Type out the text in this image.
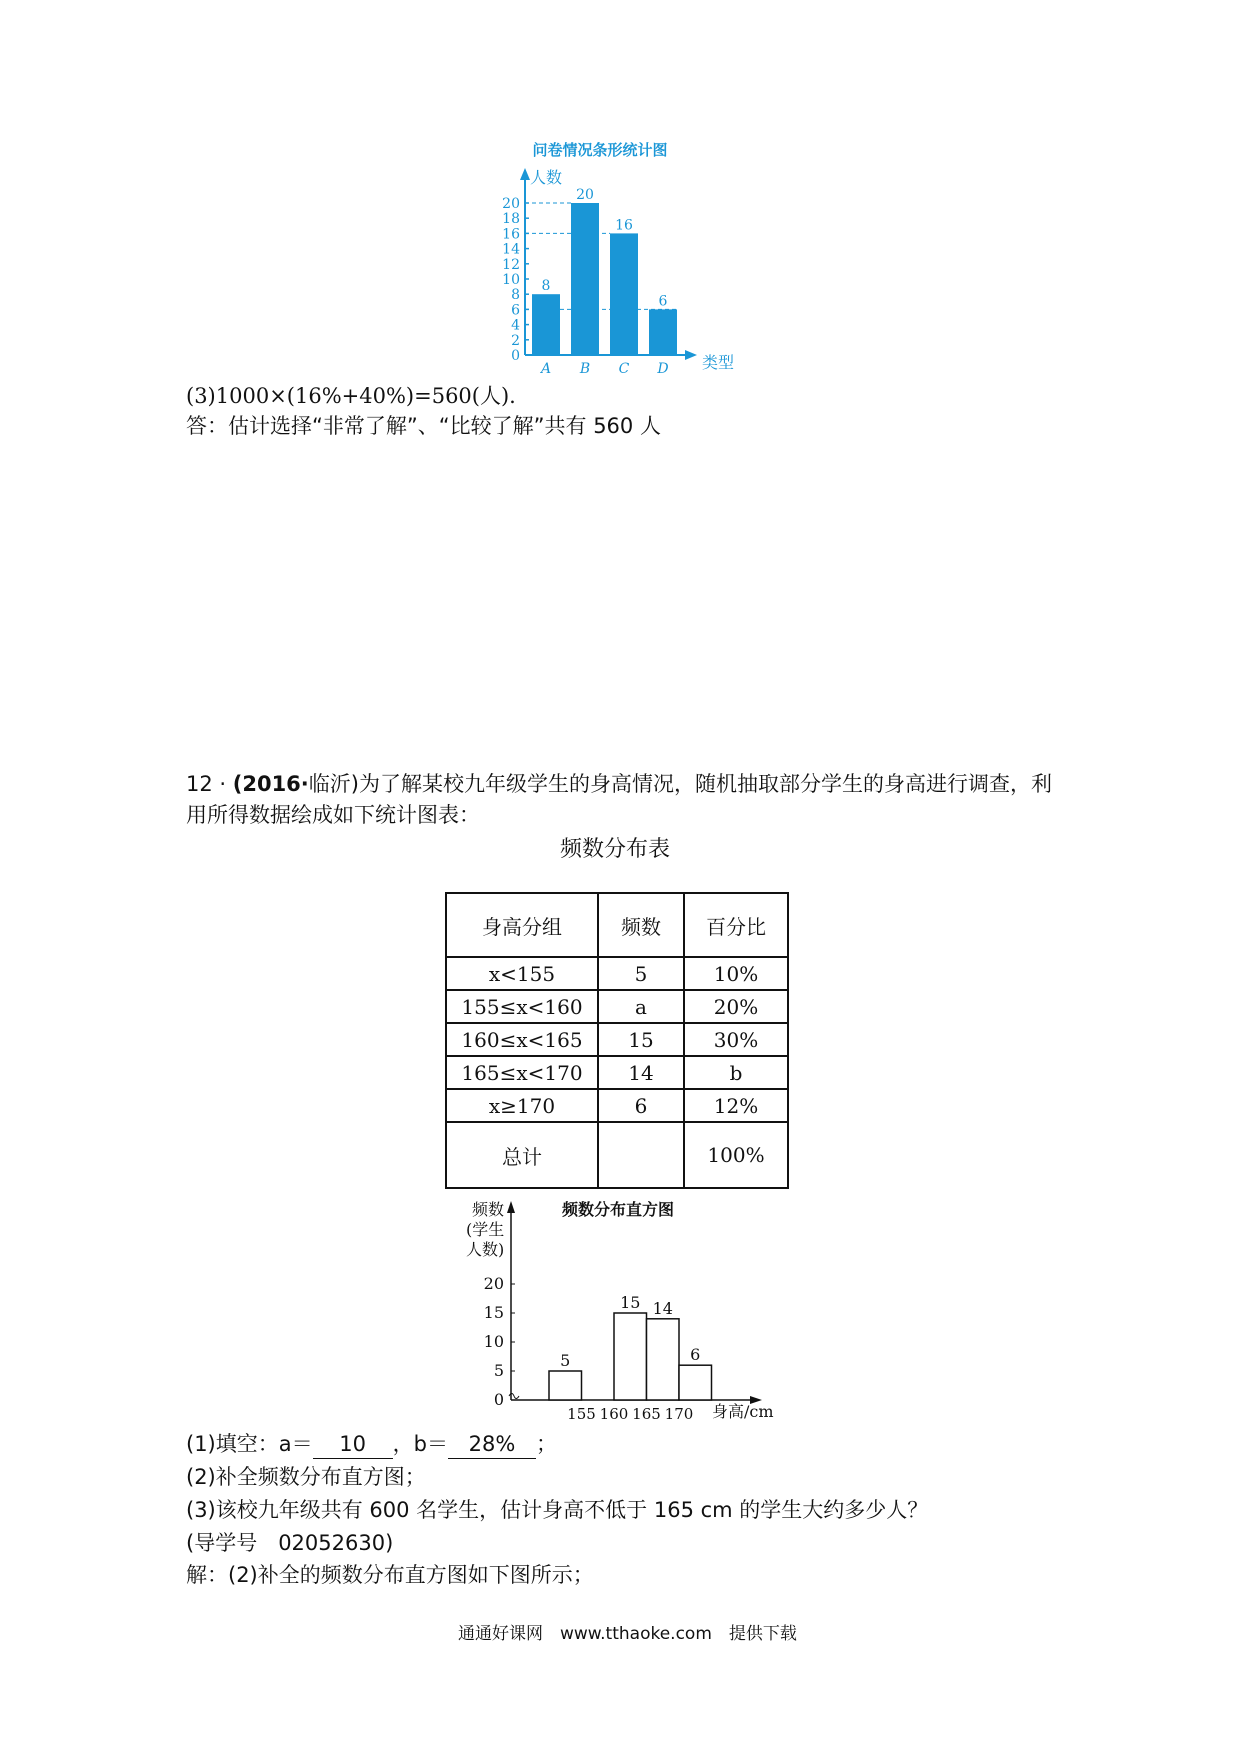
问卷情况条形统计图
人数
0
2
4
6
8
10
12
14
16
18
20
8
A
20
B
16
C
6
D 类型
(3)1000×(16%+40%)=560(人).
答：估计选择“非常了解”、“比较了解”共有 560 人
12 · (2016·临沂)为了解某校九年级学生的身高情况，随机抽取部分学生的身高进行调查，利
用所得数据绘成如下统计图表：
频数分布表
身高分组	频数	百分比
x<155	5	10%
155≤x<160	a	20%
160≤x<165	15	30%
165≤x<170	14	b
x≥170	6	12%
总计		100%
频数
(学生
人数)
频数分布直方图
20
15
10
5
0
155 160 165 170
5
15 14
6
身高/cm
(1)填空：a＝ 10 ，b＝ 28% ；
(2)补全频数分布直方图；
(3)该校九年级共有 600 名学生，估计身高不低于 165 cm 的学生大约多少人？
(导学号　02052630)
解：(2)补全的频数分布直方图如下图所示；
通通好课网　www.tthaoke.com　提供下载
